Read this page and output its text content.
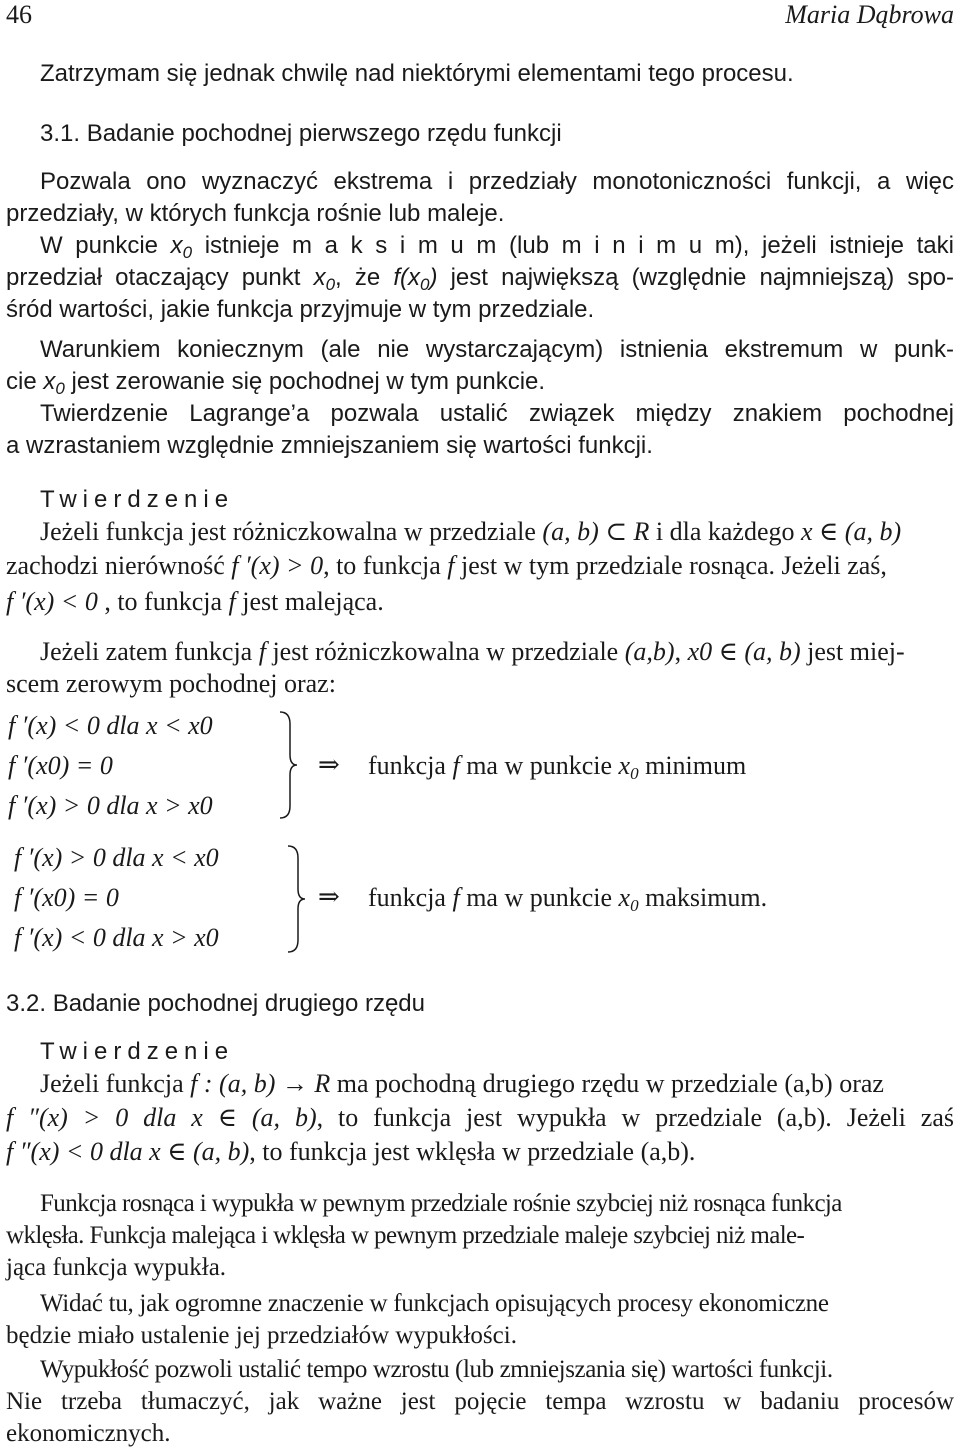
46	Maria Dąbrowa
Zatrzymam się jednak chwilę nad niektórymi elementami tego procesu.
3.1. Badanie pochodnej pierwszego rzędu funkcji
Pozwala ono wyznaczyć ekstrema i przedziały monotoniczności funkcji, a więc
przedziały, w których funkcja rośnie lub maleje.
W punkcie $x_0$ istnieje m a k s i m u m (lub m i n i m u m), jeżeli istnieje taki
przedział otaczający punkt $x_0$, że $f(x_0)$ jest największą (względnie najmniejszą) spo-
śród wartości, jakie funkcja przyjmuje w tym przedziale.
Warunkiem koniecznym (ale nie wystarczającym) istnienia ekstremum w punk-
cie $x_0$ jest zerowanie się pochodnej w tym punkcie.
Twierdzenie Lagrange’a pozwala ustalić związek między znakiem pochodnej
a wzrastaniem względnie zmniejszaniem się wartości funkcji.
Twierdzenie
Jeżeli funkcja jest różniczkowalna w przedziale (a, b) ⊂ R i dla każdego x ∈ (a, b)
zachodzi nierówność f ′(x) > 0, to funkcja f jest w tym przedziale rosnąca. Jeżeli zaś,
f ′(x) < 0 , to funkcja f jest malejąca.
Jeżeli zatem funkcja f jest różniczkowalna w przedziale (a,b), x0 ∈ (a, b) jest miej-
scem zerowym pochodnej oraz:
f ′(x) < 0 dla x < x0
f ′(x0) = 0
f ′(x) > 0 dla x > x0
⇒ funkcja f ma w punkcie $x_0$ minimum
f ′(x) > 0 dla x < x0
f ′(x0) = 0
f ′(x) < 0 dla x > x0
⇒ funkcja f ma w punkcie $x_0$ maksimum.
3.2. Badanie pochodnej drugiego rzędu
Twierdzenie
Jeżeli funkcja f : (a, b) → R ma pochodną drugiego rzędu w przedziale (a,b) oraz
f ″(x) > 0 dla x ∈ (a, b), to funkcja jest wypukła w przedziale (a,b). Jeżeli zaś
f ″(x) < 0 dla x ∈ (a, b), to funkcja jest wklęsła w przedziale (a,b).
Funkcja rosnąca i wypukła w pewnym przedziale rośnie szybciej niż rosnąca funkcja
wklęsła. Funkcja malejąca i wklęsła w pewnym przedziale maleje szybciej niż male-
jąca funkcja wypukła.
Widać tu, jak ogromne znaczenie w funkcjach opisujących procesy ekonomiczne
będzie miało ustalenie jej przedziałów wypukłości.
Wypukłość pozwoli ustalić tempo wzrostu (lub zmniejszania się) wartości funkcji.
Nie trzeba tłumaczyć, jak ważne jest pojęcie tempa wzrostu w badaniu procesów
ekonomicznych.
